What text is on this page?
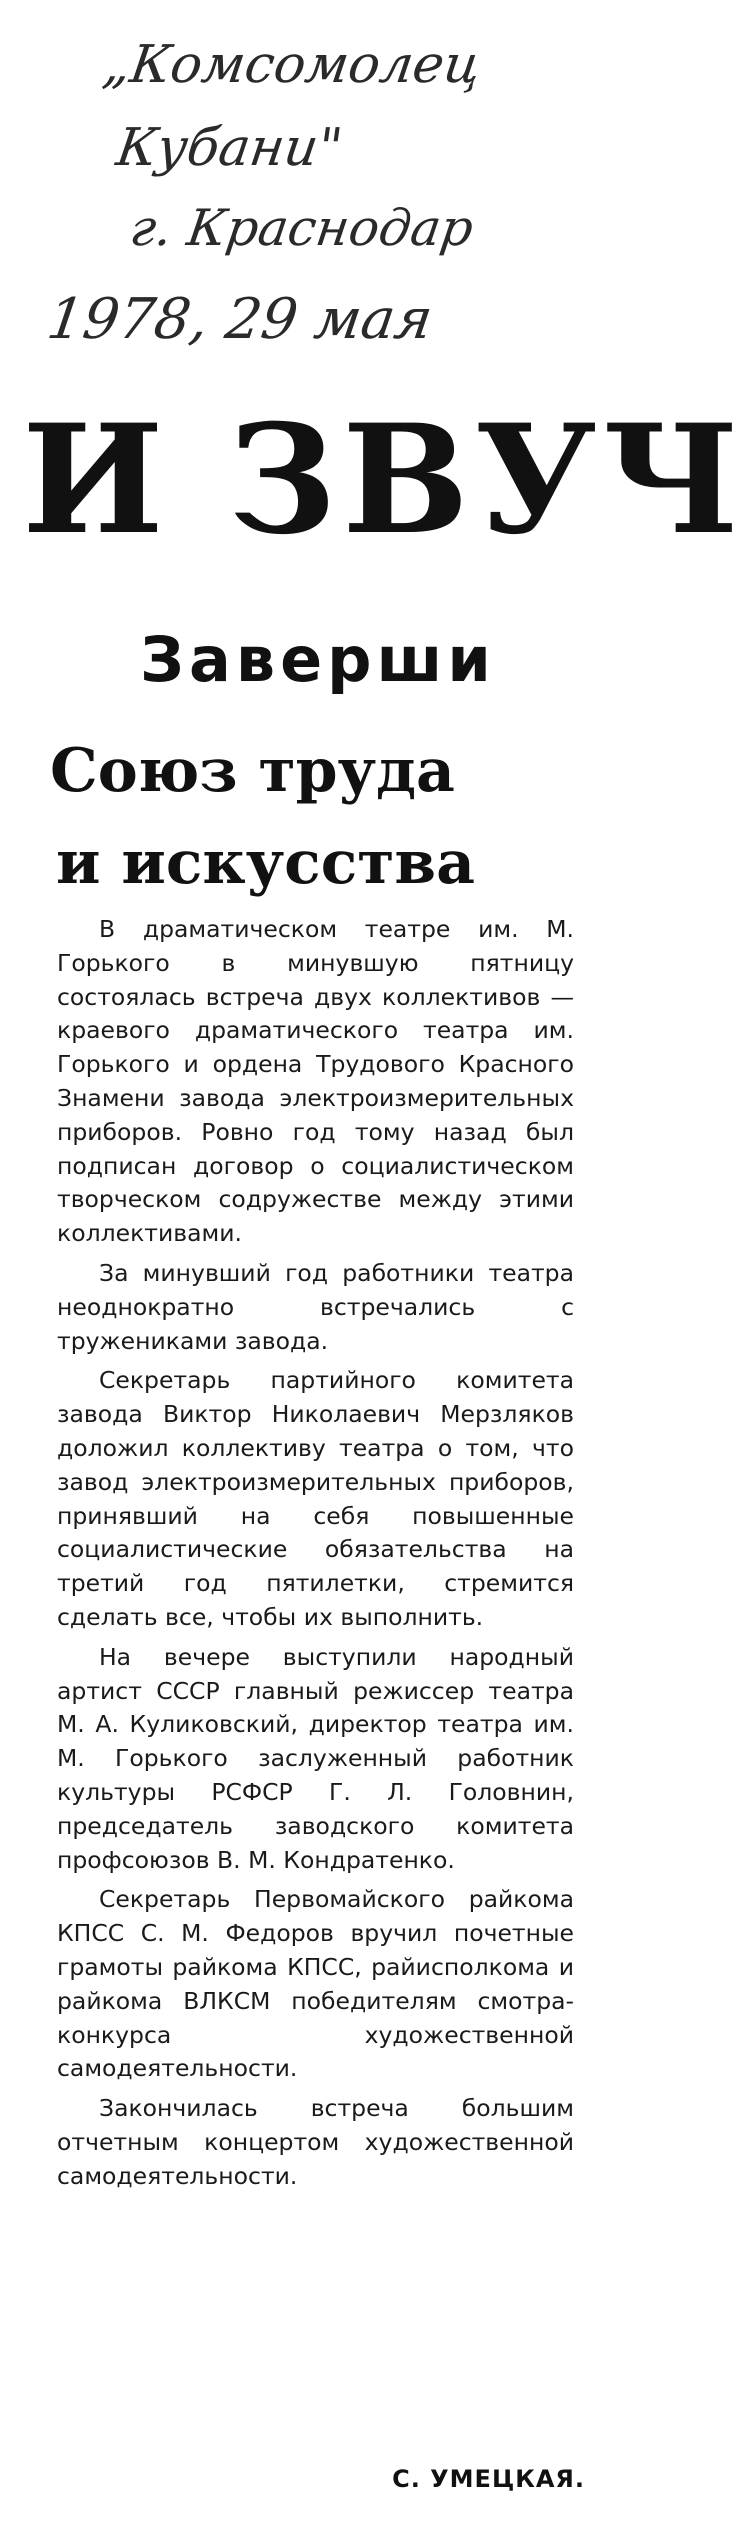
„Комсомолец
Кубани"
г. Краснодар
1978, 29 мая
И ЗВУЧ
Заверши
Союз труда
и искусства

В драматическом театре им. М. Горького в минувшую пятницу состоялась встреча двух коллективов — краевого драматического театра им. Горького и ордена Трудового Красного Знамени завода электроизмерительных приборов. Ровно год тому назад был подписан договор о социалистическом творческом содружестве между этими коллективами.

За минувший год работники театра неоднократно встречались с тружениками завода.

Секретарь партийного комитета завода Виктор Николаевич Мерзляков доложил коллективу театра о том, что завод электроизмерительных приборов, принявший на себя повышенные социалистические обязательства на третий год пятилетки, стремится сделать все, чтобы их выполнить.

На вечере выступили народный артист СССР главный режиссер театра М. А. Куликовский, директор театра им. М. Горького заслуженный работник культуры РСФСР Г. Л. Головнин, председатель заводского комитета профсоюзов В. М. Кондратенко.

Секретарь Первомайского райкома КПСС С. М. Федоров вручил почетные грамоты райкома КПСС, райисполкома и райкома ВЛКСМ победителям смотра-конкурса художественной самодеятельности.

Закончилась встреча большим отчетным концертом художественной самодеятельности.

С. УМЕЦКАЯ.
